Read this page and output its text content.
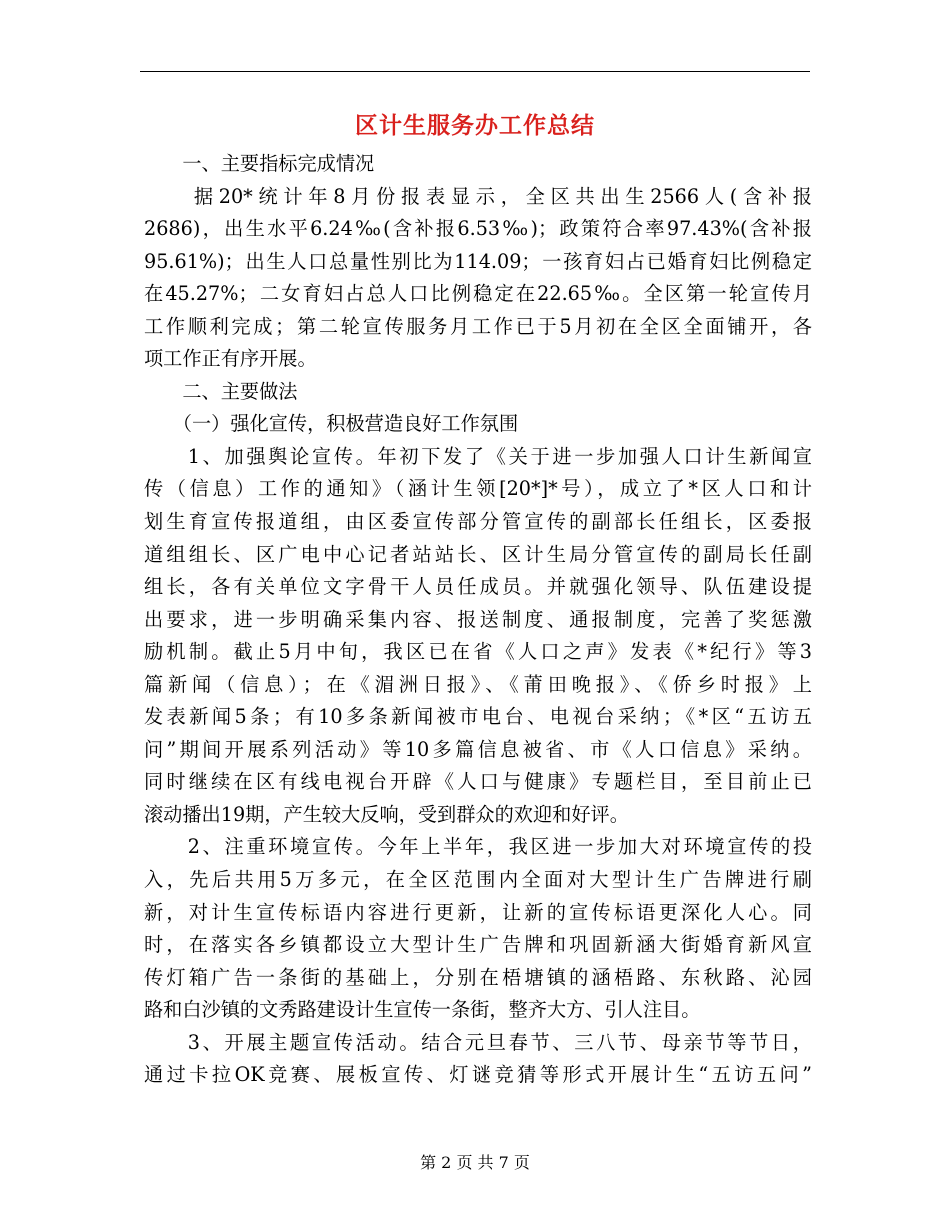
区计生服务办工作总结
　　一、主要指标完成情况
　　据20*统计年8月份报表显示，全区共出生2566人(含补报
2686)，出生水平6.24‰(含补报6.53‰)；政策符合率97.43%(含补报
95.61%)；出生人口总量性别比为114.09；一孩育妇占已婚育妇比例稳定
在45.27%；二女育妇占总人口比例稳定在22.65‰。全区第一轮宣传月
工作顺利完成；第二轮宣传服务月工作已于5月初在全区全面铺开，各
项工作正有序开展。
　　二、主要做法
　　（一）强化宣传，积极营造良好工作氛围
　　1、加强舆论宣传。年初下发了《关于进一步加强人口计生新闻宣
传（信息）工作的通知》（涵计生领[20*]*号），成立了*区人口和计
划生育宣传报道组，由区委宣传部分管宣传的副部长任组长，区委报
道组组长、区广电中心记者站站长、区计生局分管宣传的副局长任副
组长，各有关单位文字骨干人员任成员。并就强化领导、队伍建设提
出要求，进一步明确采集内容、报送制度、通报制度，完善了奖惩激
励机制。截止5月中旬，我区已在省《人口之声》发表《*纪行》等3
篇新闻（信息）；在《湄洲日报》、《莆田晚报》、《侨乡时报》上
发表新闻5条；有10多条新闻被市电台、电视台采纳；《*区“五访五
问”期间开展系列活动》等10多篇信息被省、市《人口信息》采纳。
同时继续在区有线电视台开辟《人口与健康》专题栏目，至目前止已
滚动播出19期，产生较大反响，受到群众的欢迎和好评。
　　2、注重环境宣传。今年上半年，我区进一步加大对环境宣传的投
入，先后共用5万多元，在全区范围内全面对大型计生广告牌进行刷
新，对计生宣传标语内容进行更新，让新的宣传标语更深化人心。同
时，在落实各乡镇都设立大型计生广告牌和巩固新涵大街婚育新风宣
传灯箱广告一条街的基础上，分别在梧塘镇的涵梧路、东秋路、沁园
路和白沙镇的文秀路建设计生宣传一条街，整齐大方、引人注目。
　　3、开展主题宣传活动。结合元旦春节、三八节、母亲节等节日，
通过卡拉OK竞赛、展板宣传、灯谜竞猜等形式开展计生“五访五问”
第 2 页 共 7 页
